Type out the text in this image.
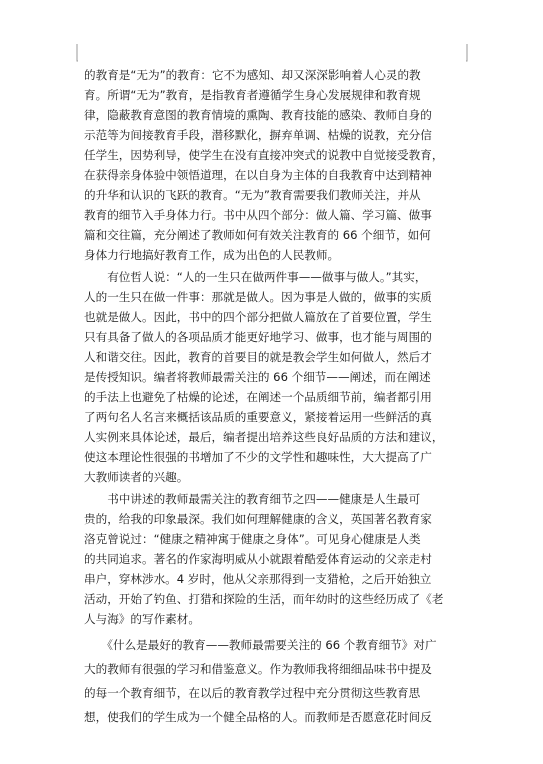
的教育是“无为”的教育：它不为感知、却又深深影响着人心灵的教
育。所谓“无为”教育，是指教育者遵循学生身心发展规律和教育规
律，隐蔽教育意图的教育情境的熏陶、教育技能的感染、教师自身的
示范等为间接教育手段，潜移默化，摒弃单调、枯燥的说教，充分信
任学生，因势利导，使学生在没有直接冲突式的说教中自觉接受教育，
在获得亲身体验中领悟道理，在以自身为主体的自我教育中达到精神
的升华和认识的飞跃的教育。“无为”教育需要我们教师关注，并从
教育的细节入手身体力行。书中从四个部分：做人篇、学习篇、做事
篇和交往篇，充分阐述了教师如何有效关注教育的 66 个细节，如何
身体力行地搞好教育工作，成为出色的人民教师。
　　有位哲人说：“人的一生只在做两件事——做事与做人。”其实，
人的一生只在做一件事：那就是做人。因为事是人做的，做事的实质
也就是做人。因此，书中的四个部分把做人篇放在了首要位置，学生
只有具备了做人的各项品质才能更好地学习、做事，也才能与周围的
人和谐交往。因此，教育的首要目的就是教会学生如何做人，然后才
是传授知识。编者将教师最需关注的 66 个细节——阐述，而在阐述
的手法上也避免了枯燥的论述，在阐述一个品质细节前，编者都引用
了两句名人名言来概括该品质的重要意义，紧接着运用一些鲜活的真
人实例来具体论述，最后，编者提出培养这些良好品质的方法和建议，
使这本理论性很强的书增加了不少的文学性和趣味性，大大提高了广
大教师读者的兴趣。
　　书中讲述的教师最需关注的教育细节之四——健康是人生最可
贵的，给我的印象最深。我们如何理解健康的含义，英国著名教育家
洛克曾说过：“健康之精神寓于健康之身体”。可见身心健康是人类
的共同追求。著名的作家海明威从小就跟着酷爱体育运动的父亲走村
串户，穿林涉水。4 岁时，他从父亲那得到一支猎枪，之后开始独立
活动，开始了钓鱼、打猎和探险的生活，而年幼时的这些经历成了《老
人与海》的写作素材。
　　《什么是最好的教育——教师最需要关注的 66 个教育细节》对广
大的教师有很强的学习和借鉴意义。作为教师我将细细品味书中提及
的每一个教育细节，在以后的教育教学过程中充分贯彻这些教育思
想，使我们的学生成为一个健全品格的人。而教师是否愿意花时间反
